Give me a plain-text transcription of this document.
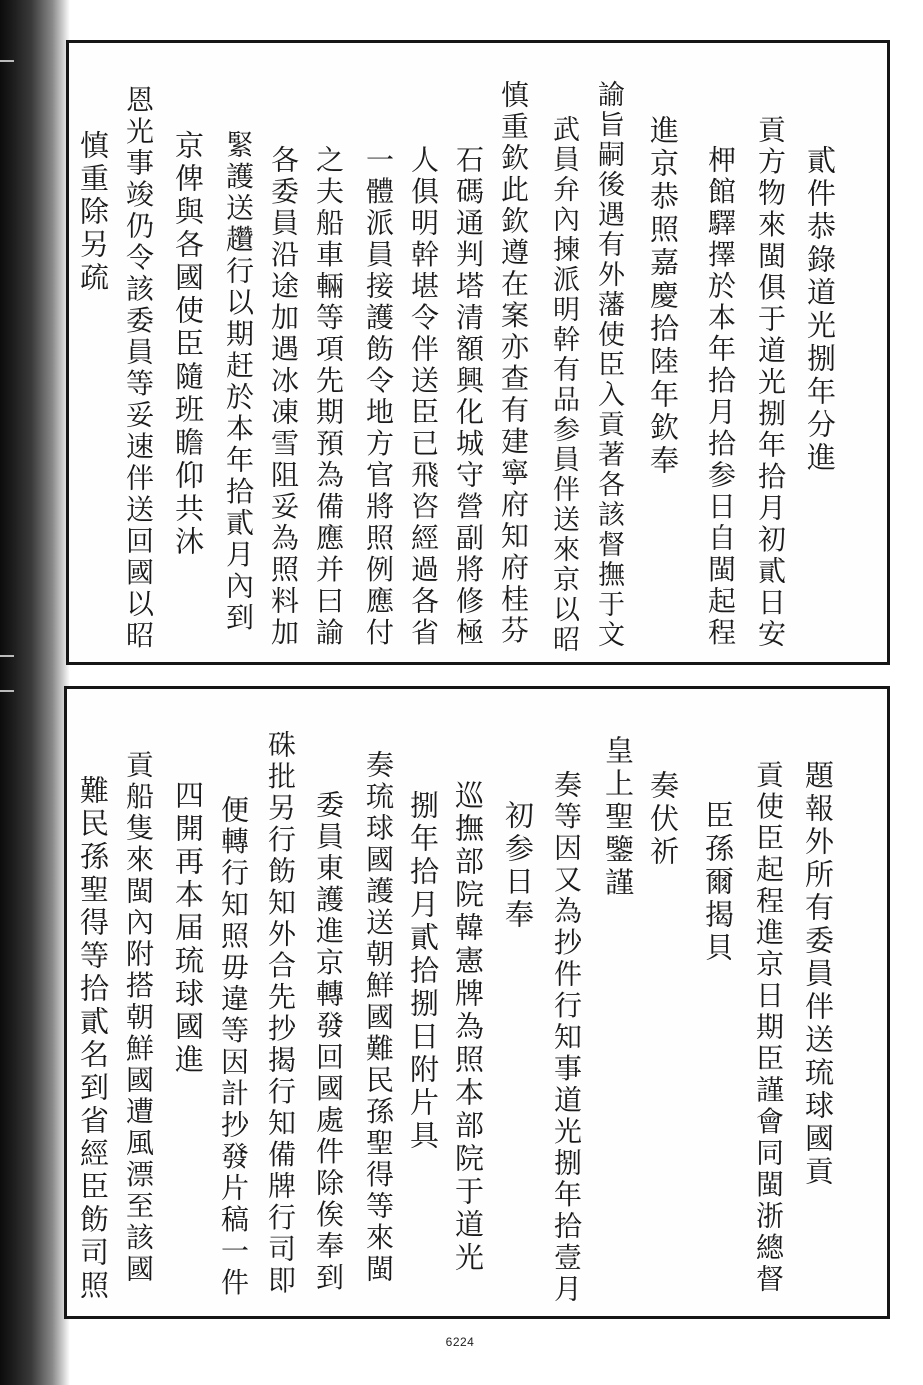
貳件恭錄道光捌年分進
貢方物來閩俱于道光捌年拾月初貳日安
柙館驛擇於本年拾月拾参日自閩起程
進京恭照嘉慶拾陸年欽奉
諭旨嗣後遇有外藩使臣入貢著各該督撫于文
武員弁內揀派明幹有品参員伴送來京以昭
慎重欽此欽遵在案亦查有建寧府知府桂芬
石碼通判塔清額興化城守營副將修極
人俱明幹堪令伴送臣已飛咨經過各省
一體派員接護飭令地方官將照例應付
之夫船車輛等項先期預為備應并曰諭
各委員沿途加遇冰凍雪阻妥為照料加
緊護送趲行以期赶於本年拾貳月內到
京俾與各國使臣隨班瞻仰共沐
恩光事竣仍令該委員等妥速伴送回國以昭
慎重除另疏
題報外所有委員伴送琉球國貢
貢使臣起程進京日期臣謹會同閩浙總督
臣孫爾揭貝
奏伏祈
皇上聖鑒謹
奏等因又為抄件行知事道光捌年拾壹月
初参日奉
巡撫部院韓憲牌為照本部院于道光
捌年拾月貳拾捌日附片具
奏琉球國護送朝鮮國難民孫聖得等來閩
委員東護進京轉發回國處件除俟奉到
硃批另行飭知外合先抄揭行知備牌行司即
便轉行知照毋違等因計抄發片稿一件
四開再本届琉球國進
貢船隻來閩內附搭朝鮮國遭風漂至該國
難民孫聖得等拾貳名到省經臣飭司照
6224
